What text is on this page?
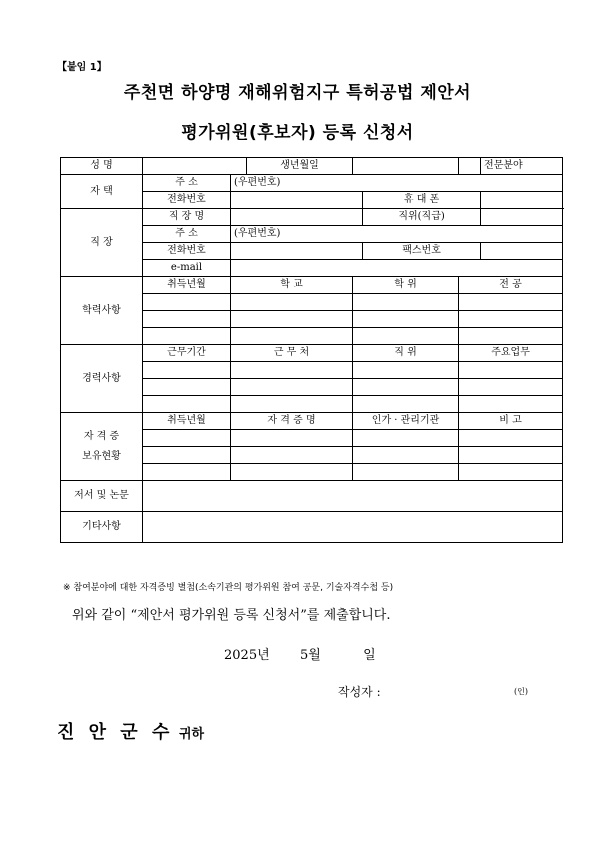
【붙임 1】
주천면 하양명 재해위험지구 특허공법 제안서
평가위원(후보자) 등록 신청서
성 명			생년월일				전문분야
자 택	주 소	(우편번호)					
	전화번호				휴 대 폰		
직 장	직 장 명				직위(직급)		
	주 소	(우편번호)					
	전화번호				팩스번호		
	e-mail						
학력사항	취득년월	학 교		학 위		전 공	

경력사항	근무기간	근 무 처		직 위		주요업무	

자 격 증
보유현황	취득년월	자 격 증 명		인가 · 관리기관		비 고	

저서 및 논문							
기타사항							
※ 참여분야에 대한 자격증빙 별첨(소속기관의 평가위원 참여 공문, 기술자격수첩 등)
위와 같이 “제안서 평가위원 등록 신청서”를 제출합니다.
2025년 5월	일
작성자 :	(인)
진 안 군 수 귀하
